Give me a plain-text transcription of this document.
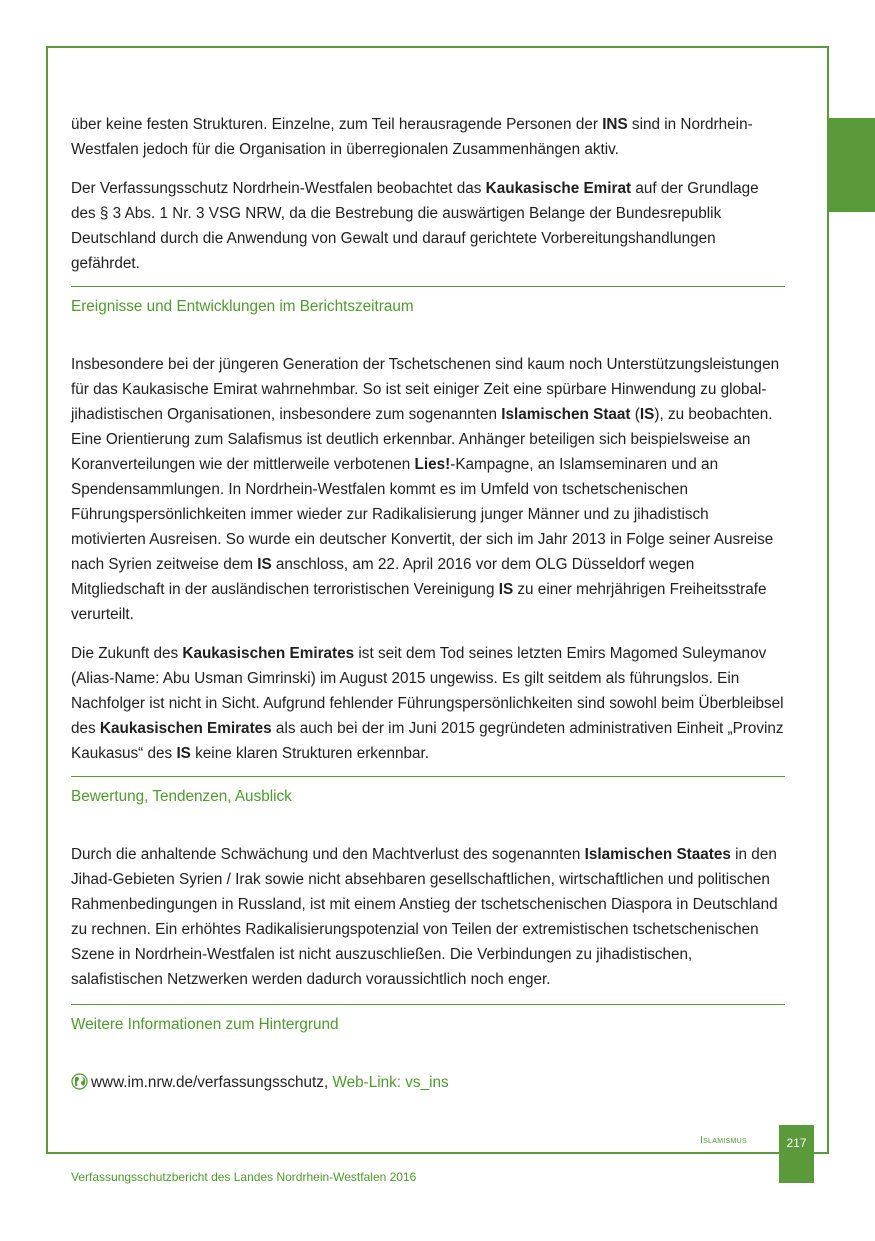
über keine festen Strukturen. Einzelne, zum Teil herausragende Personen der INS sind in Nordrhein-Westfalen jedoch für die Organisation in überregionalen Zusammenhängen aktiv.

Der Verfassungsschutz Nordrhein-Westfalen beobachtet das Kaukasische Emirat auf der Grundlage des § 3 Abs. 1 Nr. 3 VSG NRW, da die Bestrebung die auswärtigen Belange der Bundesrepublik Deutschland durch die Anwendung von Gewalt und darauf gerichtete Vorbereitungshandlungen gefährdet.

Ereignisse und Entwicklungen im Berichtszeitraum

Insbesondere bei der jüngeren Generation der Tschetschenen sind kaum noch Unterstützungsleistungen für das Kaukasische Emirat wahrnehmbar. So ist seit einiger Zeit eine spürbare Hinwendung zu global-jihadistischen Organisationen, insbesondere zum sogenannten Islamischen Staat (IS), zu beobachten. Eine Orientierung zum Salafismus ist deutlich erkennbar. Anhänger beteiligen sich beispielsweise an Koranverteilungen wie der mittlerweile verbotenen Lies!-Kampagne, an Islamseminaren und an Spendensammlungen. In Nordrhein-Westfalen kommt es im Umfeld von tschetschenischen Führungspersönlichkeiten immer wieder zur Radikalisierung junger Männer und zu jihadistisch motivierten Ausreisen. So wurde ein deutscher Konvertit, der sich im Jahr 2013 in Folge seiner Ausreise nach Syrien zeitweise dem IS anschloss, am 22. April 2016 vor dem OLG Düsseldorf wegen Mitgliedschaft in der ausländischen terroristischen Vereinigung IS zu einer mehrjährigen Freiheitsstrafe verurteilt.

Die Zukunft des Kaukasischen Emirates ist seit dem Tod seines letzten Emirs Magomed Suleymanov (Alias-Name: Abu Usman Gimrinski) im August 2015 ungewiss. Es gilt seitdem als führungslos. Ein Nachfolger ist nicht in Sicht. Aufgrund fehlender Führungspersönlichkeiten sind sowohl beim Überbleibsel des Kaukasischen Emirates als auch bei der im Juni 2015 gegründeten administrativen Einheit „Provinz Kaukasus“ des IS keine klaren Strukturen erkennbar.

Bewertung, Tendenzen, Ausblick

Durch die anhaltende Schwächung und den Machtverlust des sogenannten Islamischen Staates in den Jihad-Gebieten Syrien / Irak sowie nicht absehbaren gesellschaftlichen, wirtschaftlichen und politischen Rahmenbedingungen in Russland, ist mit einem Anstieg der tschetschenischen Diaspora in Deutschland zu rechnen. Ein erhöhtes Radikalisierungspotenzial von Teilen der extremistischen tschetschenischen Szene in Nordrhein-Westfalen ist nicht auszuschließen. Die Verbindungen zu jihadistischen, salafistischen Netzwerken werden dadurch voraussichtlich noch enger.

Weitere Informationen zum Hintergrund
www.im.nrw.de/verfassungsschutz, Web-Link: vs_ins
Islamismus	217
Verfassungsschutzbericht des Landes Nordrhein-Westfalen 2016
